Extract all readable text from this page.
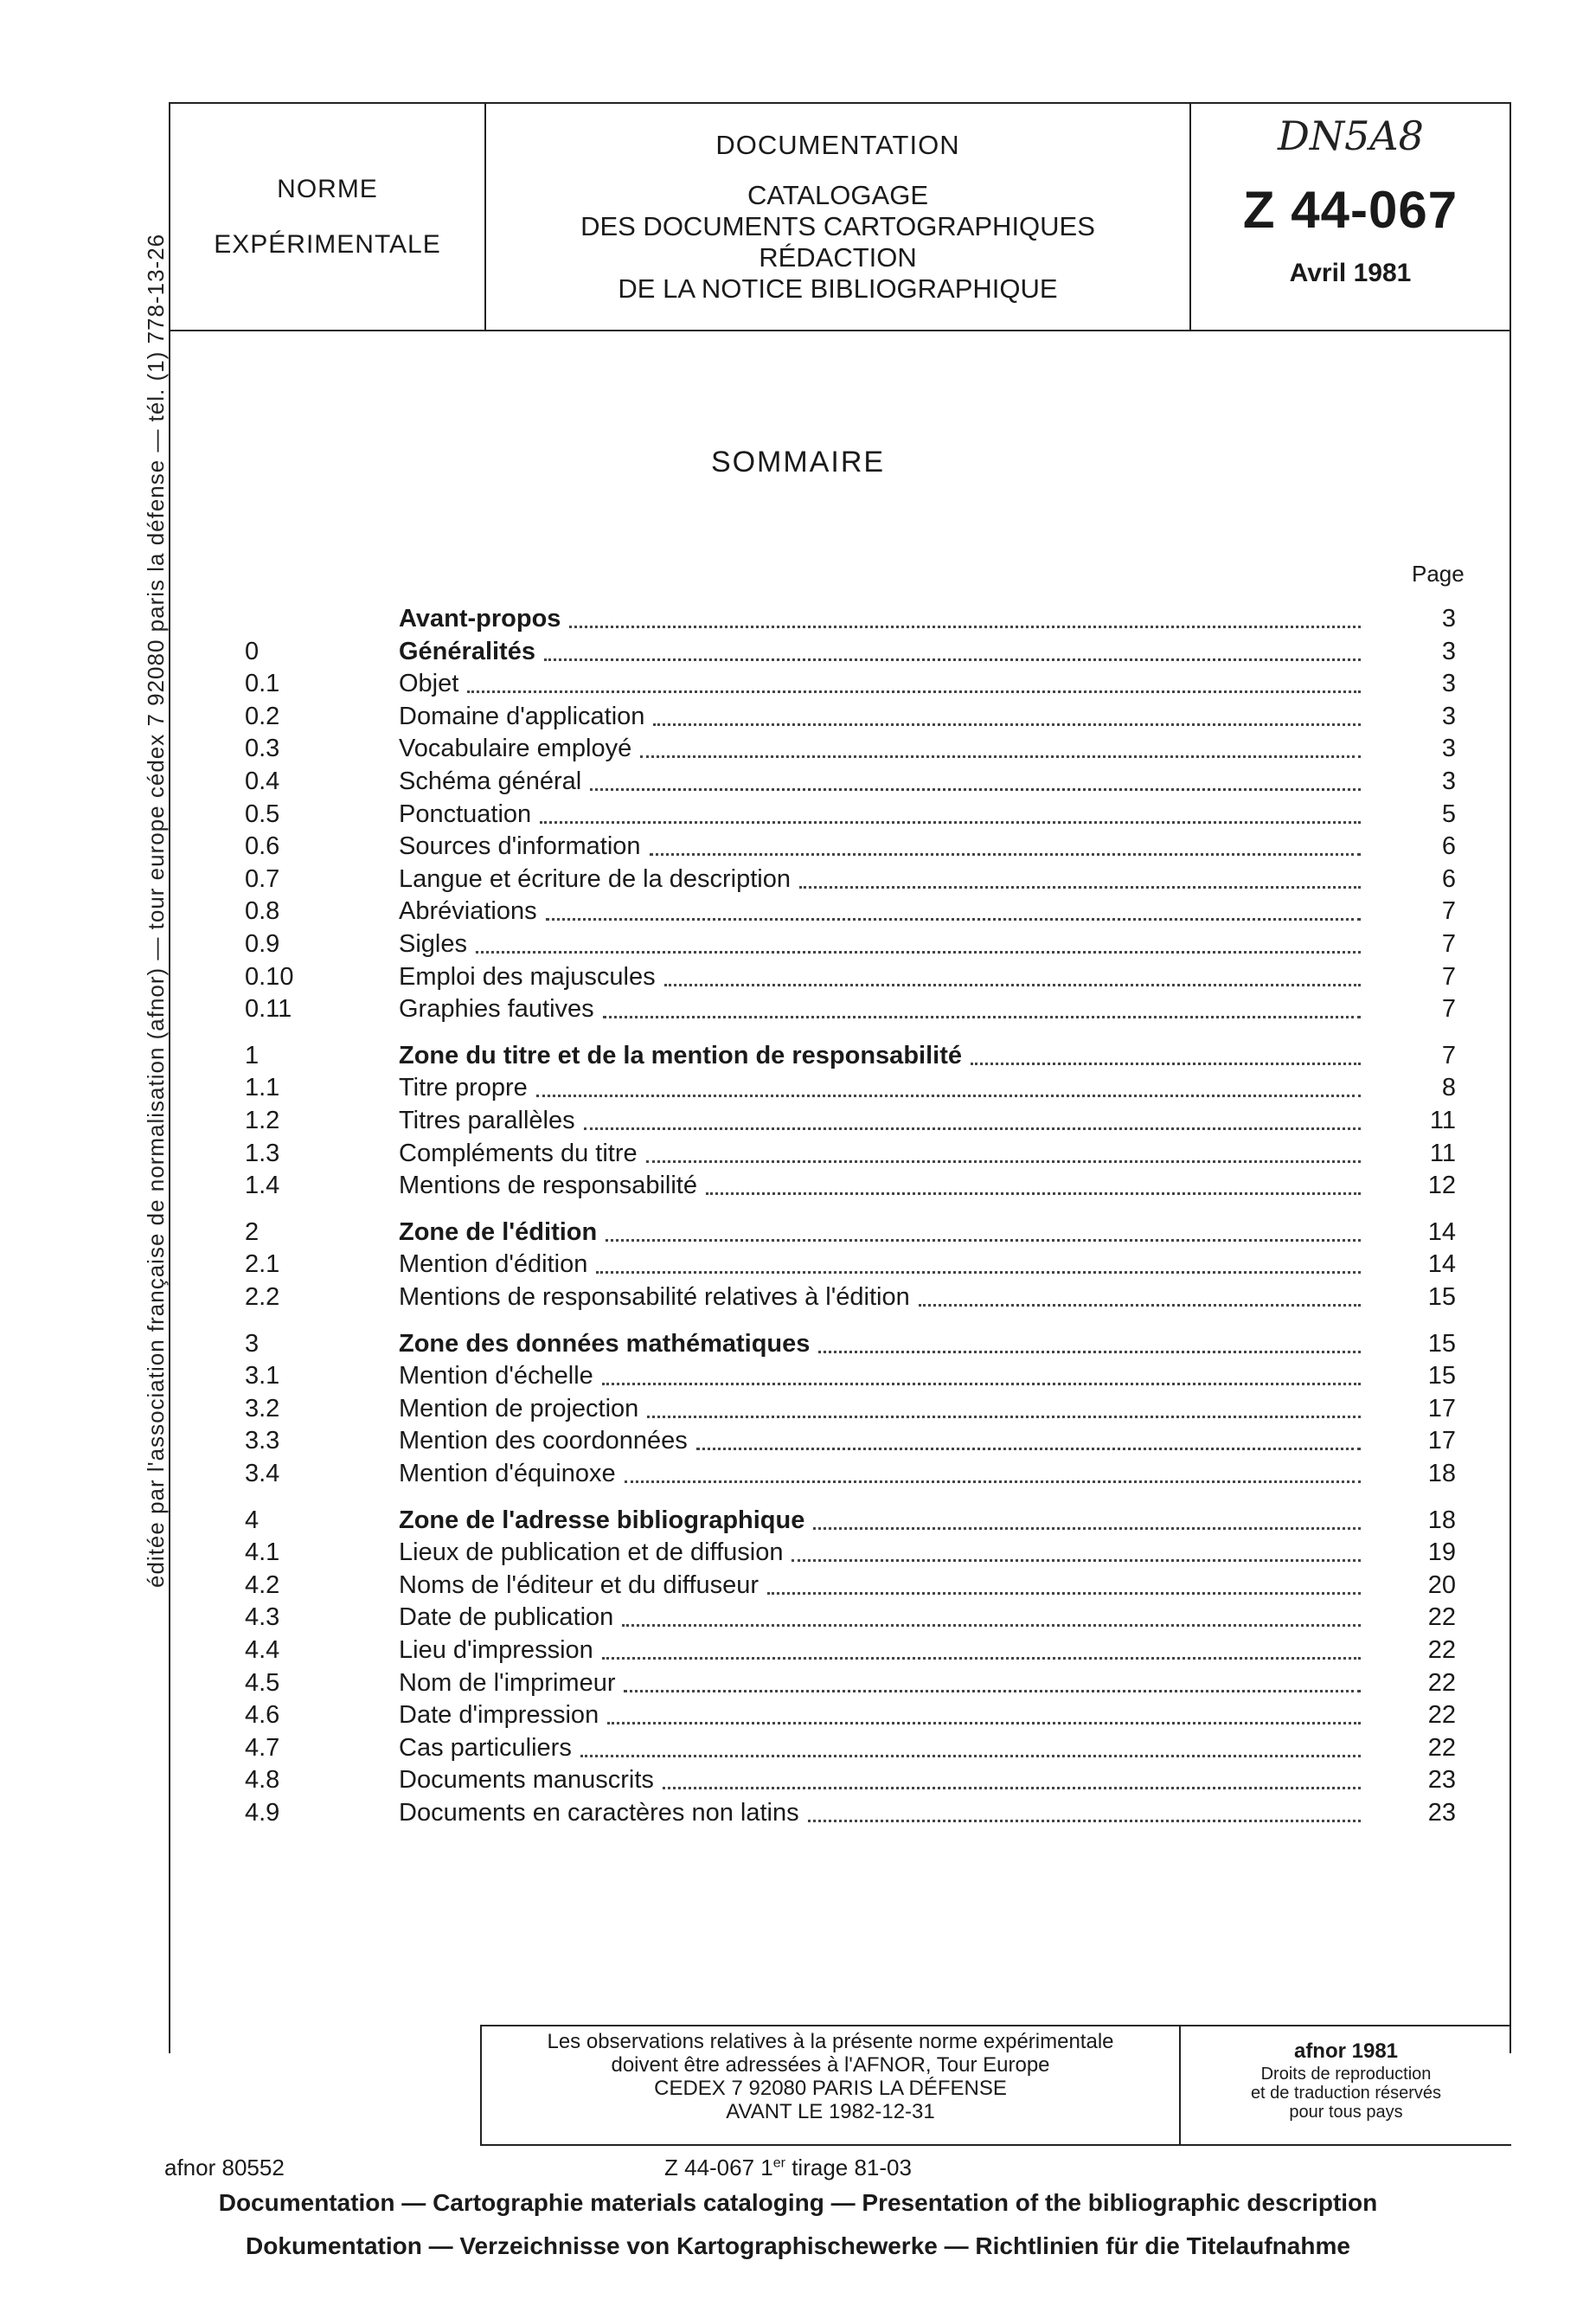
NORME
EXPÉRIMENTALE
DOCUMENTATION
CATALOGAGE
DES DOCUMENTS CARTOGRAPHIQUES
RÉDACTION
DE LA NOTICE BIBLIOGRAPHIQUE
DN5A8
Z 44-067
Avril 1981
éditée par l'association française de normalisation (afnor) — tour europe cédex 7 92080 paris la défense — tél. (1) 778-13-26	SOMMAIRE
Page
Avant-propos	3
0	Généralités	3
0.1	Objet	3
0.2	Domaine d'application	3
0.3	Vocabulaire employé	3
0.4	Schéma général	3
0.5	Ponctuation	5
0.6	Sources d'information	6
0.7	Langue et écriture de la description	6
0.8	Abréviations	7
0.9	Sigles	7
0.10	Emploi des majuscules	7
0.11	Graphies fautives	7
1	Zone du titre et de la mention de responsabilité	7
1.1	Titre propre	8
1.2	Titres parallèles	11
1.3	Compléments du titre	11
1.4	Mentions de responsabilité	12
2	Zone de l'édition	14
2.1	Mention d'édition	14
2.2	Mentions de responsabilité relatives à l'édition	15
3	Zone des données mathématiques	15
3.1	Mention d'échelle	15
3.2	Mention de projection	17
3.3	Mention des coordonnées	17
3.4	Mention d'équinoxe	18
4	Zone de l'adresse bibliographique	18
4.1	Lieux de publication et de diffusion	19
4.2	Noms de l'éditeur et du diffuseur	20
4.3	Date de publication	22
4.4	Lieu d'impression	22
4.5	Nom de l'imprimeur	22
4.6	Date d'impression	22
4.7	Cas particuliers	22
4.8	Documents manuscrits	23
4.9	Documents en caractères non latins	23
Les observations relatives à la présente norme expérimentale
doivent être adressées à l'AFNOR, Tour Europe
CEDEX 7 92080 PARIS LA DÉFENSE
AVANT LE 1982-12-31
afnor 1981
Droits de reproduction
et de traduction réservés
pour tous pays
afnor 80552	Z 44-067 1er tirage 81-03
Documentation — Cartographie materials cataloging — Presentation of the bibliographic description
Dokumentation — Verzeichnisse von Kartographischewerke — Richtlinien für die Titelaufnahme
